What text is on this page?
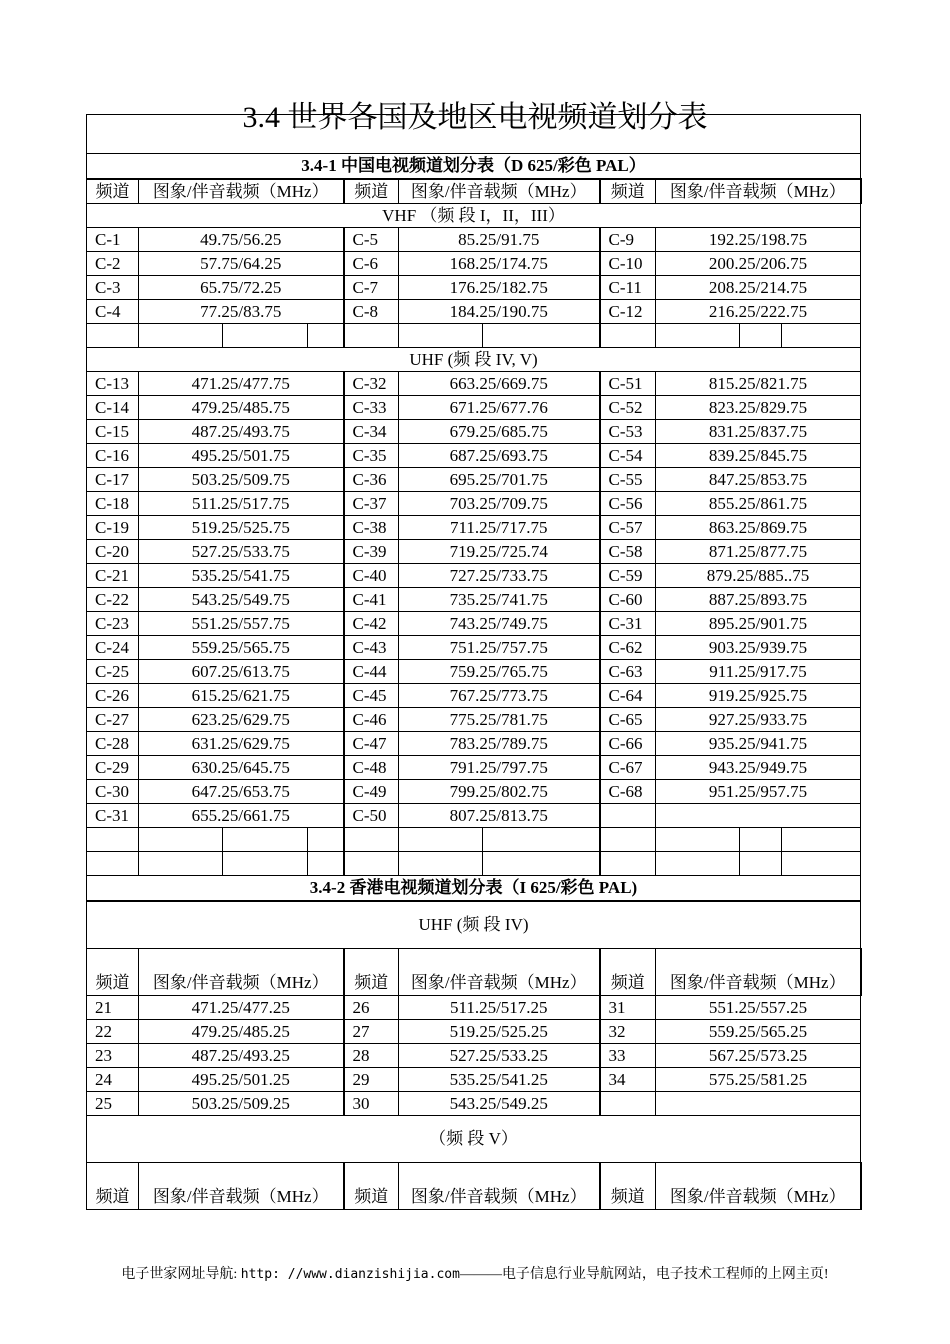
3.4 世界各国及地区电视频道划分表

3.4-1 中国电视频道划分表（D 625/彩色 PAL）										
频道	图象/伴音载频（MHz）			频道	图象/伴音载频（MHz）		频道	图象/伴音载频（MHz）		
VHF （频 段 I，II，III）										
C-1	49.75/56.25			C-5	85.25/91.75		C-9	192.25/198.75		
C-2	57.75/64.25			C-6	168.25/174.75		C-10	200.25/206.75		
C-3	65.75/72.25			C-7	176.25/182.75		C-11	208.25/214.75		
C-4	77.25/83.75			C-8	184.25/190.75		C-12	216.25/222.75		

UHF (频 段 IV, V)										
C-13	471.25/477.75			C-32	663.25/669.75		C-51	815.25/821.75		
C-14	479.25/485.75			C-33	671.25/677.76		C-52	823.25/829.75		
C-15	487.25/493.75			C-34	679.25/685.75		C-53	831.25/837.75		
C-16	495.25/501.75			C-35	687.25/693.75		C-54	839.25/845.75		
C-17	503.25/509.75			C-36	695.25/701.75		C-55	847.25/853.75		
C-18	511.25/517.75			C-37	703.25/709.75		C-56	855.25/861.75		
C-19	519.25/525.75			C-38	711.25/717.75		C-57	863.25/869.75		
C-20	527.25/533.75			C-39	719.25/725.74		C-58	871.25/877.75		
C-21	535.25/541.75			C-40	727.25/733.75		C-59	879.25/885..75		
C-22	543.25/549.75			C-41	735.25/741.75		C-60	887.25/893.75		
C-23	551.25/557.75			C-42	743.25/749.75		C-31	895.25/901.75		
C-24	559.25/565.75			C-43	751.25/757.75		C-62	903.25/939.75		
C-25	607.25/613.75			C-44	759.25/765.75		C-63	911.25/917.75		
C-26	615.25/621.75			C-45	767.25/773.75		C-64	919.25/925.75		
C-27	623.25/629.75			C-46	775.25/781.75		C-65	927.25/933.75		
C-28	631.25/629.75			C-47	783.25/789.75		C-66	935.25/941.75		
C-29	630.25/645.75			C-48	791.25/797.75		C-67	943.25/949.75		
C-30	647.25/653.75			C-49	799.25/802.75		C-68	951.25/957.75		
C-31	655.25/661.75			C-50	807.25/813.75					

3.4-2 香港电视频道划分表（I 625/彩色 PAL)										
UHF (频 段 IV)										
频道	图象/伴音载频（MHz）			频道	图象/伴音载频（MHz）		频道	图象/伴音载频（MHz）		
21	471.25/477.25			26	511.25/517.25		31	551.25/557.25		
22	479.25/485.25			27	519.25/525.25		32	559.25/565.25		
23	487.25/493.25			28	527.25/533.25		33	567.25/573.25		
24	495.25/501.25			29	535.25/541.25		34	575.25/581.25		
25	503.25/509.25			30	543.25/549.25					
（频 段 V）										
频道	图象/伴音载频（MHz）			频道	图象/伴音载频（MHz）		频道	图象/伴音载频（MHz）		
电子世家网址导航: http: //www.dianzishijia.com———电子信息行业导航网站，电子技术工程师的上网主页!
